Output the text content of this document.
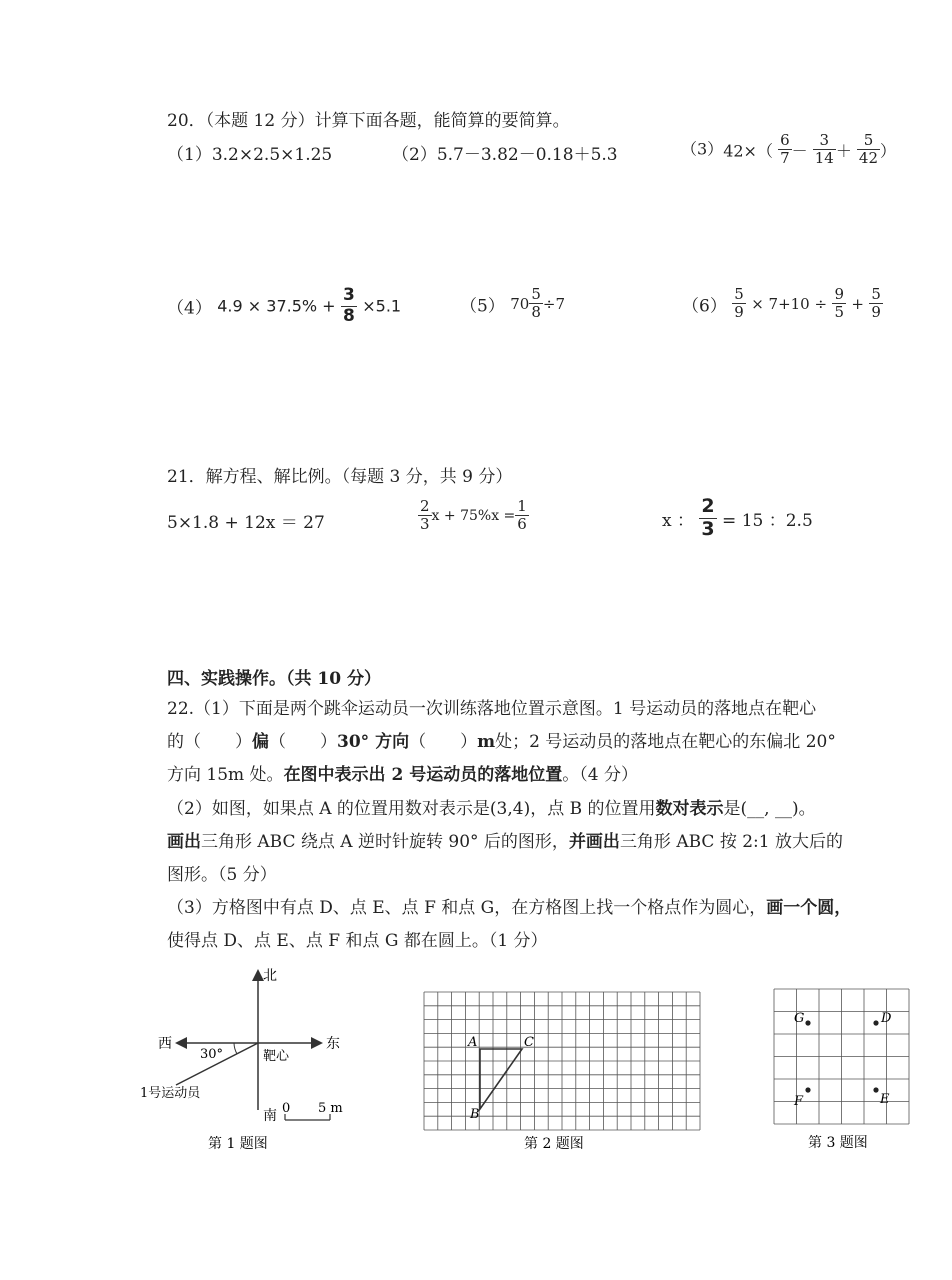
20．（本题 12 分）计算下面各题，能简算的要简算。
（1）3.2×2.5×1.25	（2）5.7－3.82－0.18＋5.3	$(3)42\times( \frac{6}{7} - \frac{3}{14} + \frac{5}{42}$ ）
（4） $4.9 \times 37.5\% + \frac{3}{8} \times 5.1$	（5） $70 \frac{5}{8} \div 7$	$(6) \frac{5}{9} \times 7+10 \div \frac{9}{5} + \frac{5}{9}$
21．解方程、解比例。（每题 3 分，共 9 分）
5×1.8 + 12x ＝ 27	$\frac{2}{3}$ $x + 75\%x = \frac{1}{6}$	x ： $\frac{2}{3} = 15$ ：2.5
四、实践操作。（共 10 分）
22.（1）下面是两个跳伞运动员一次训练落地位置示意图。1 号运动员的落地点在靶心
的（　　）偏（　　）30° 方向（　　）m处；2 号运动员的落地点在靶心的东偏北 20°
方向 15m 处。在图中表示出 2 号运动员的落地位置。（4 分）
（2）如图，如果点 A 的位置用数对表示是(3,4)，点 B 的位置用数对表示是(__, __)。
画出三角形 ABC 绕点 A 逆时针旋转 90° 后的图形，并画出三角形 ABC 按 2:1 放大后的
图形。（5 分）
（3）方格图中有点 D、点 E、点 F 和点 G，在方格图上找一个格点作为圆心，画一个圆，
使得点 D、点 E、点 F 和点 G 都在圆上。（1 分）
北
南
西	东
30°	靶心
1号运动员
0 5 m
第 1 题图
A	C
B
第 2 题图
G	D
F	E
第 3 题图
